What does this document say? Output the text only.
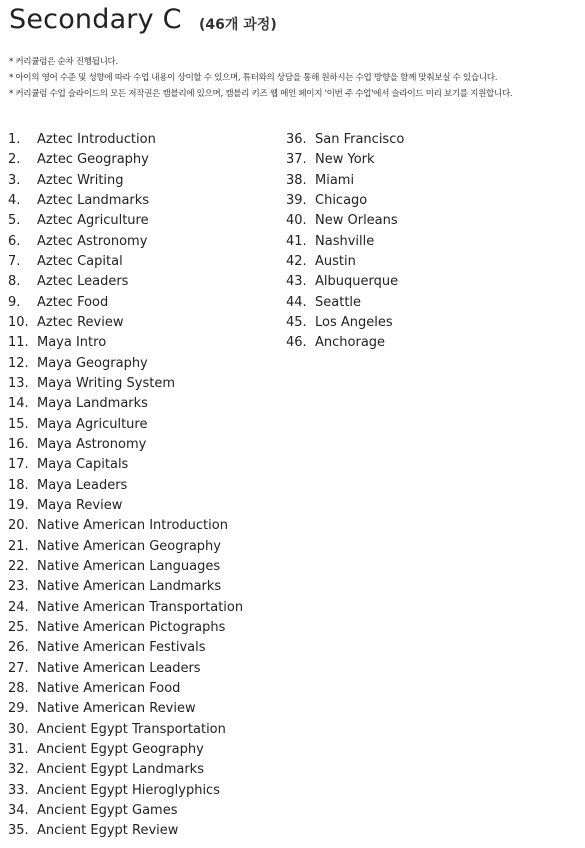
Secondary C (46개 과정)
* 커리큘럼은 순차 진행됩니다.
* 아이의 영어 수준 및 성향에 따라 수업 내용이 상이할 수 있으며, 튜터와의 상담을 통해 원하시는 수업 방향을 함께 맞춰보실 수 있습니다.
* 커리큘럼 수업 슬라이드의 모든 저작권은 캠블리에 있으며, 캠블리 키즈 웹 메인 페이지 '이번 주 수업'에서 슬라이드 미리 보기를 지원합니다.
1. Aztec Introduction
2. Aztec Geography
3. Aztec Writing
4. Aztec Landmarks
5. Aztec Agriculture
6. Aztec Astronomy
7. Aztec Capital
8. Aztec Leaders
9. Aztec Food
10. Aztec Review
11. Maya Intro
12. Maya Geography
13. Maya Writing System
14. Maya Landmarks
15. Maya Agriculture
16. Maya Astronomy
17. Maya Capitals
18. Maya Leaders
19. Maya Review
20. Native American Introduction
21. Native American Geography
22. Native American Languages
23. Native American Landmarks
24. Native American Transportation
25. Native American Pictographs
26. Native American Festivals
27. Native American Leaders
28. Native American Food
29. Native American Review
30. Ancient Egypt Transportation
31. Ancient Egypt Geography
32. Ancient Egypt Landmarks
33. Ancient Egypt Hieroglyphics
34. Ancient Egypt Games
35. Ancient Egypt Review
36. San Francisco
37. New York
38. Miami
39. Chicago
40. New Orleans
41. Nashville
42. Austin
43. Albuquerque
44. Seattle
45. Los Angeles
46. Anchorage
